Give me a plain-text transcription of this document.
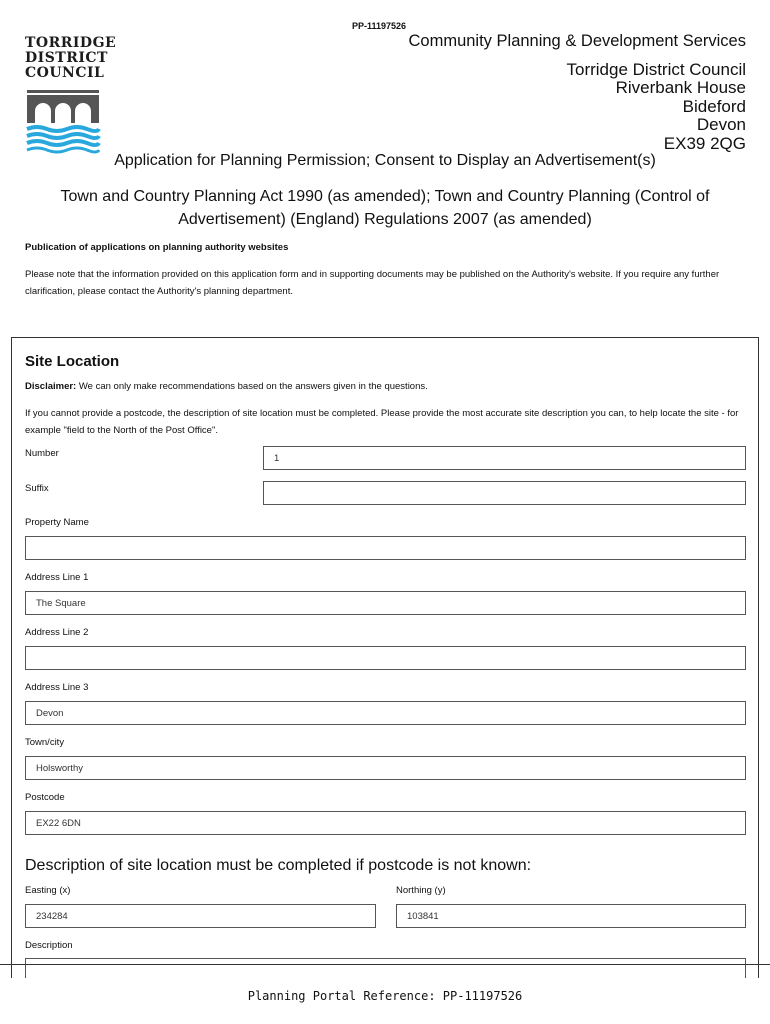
PP-11197526
TORRIDGE
DISTRICT
COUNCIL
Community Planning & Development Services
Torridge District Council
Riverbank House
Bideford
Devon
EX39 2QG
Application for Planning Permission; Consent to Display an Advertisement(s)
Town and Country Planning Act 1990 (as amended); Town and Country Planning (Control of Advertisement) (England) Regulations 2007 (as amended)
Publication of applications on planning authority websites
Please note that the information provided on this application form and in supporting documents may be published on the Authority's website. If you require any further clarification, please contact the Authority's planning department.
Site Location
Disclaimer: We can only make recommendations based on the answers given in the questions.
If you cannot provide a postcode, the description of site location must be completed. Please provide the most accurate site description you can, to help locate the site - for example "field to the North of the Post Office".
Number	1
Suffix
Property Name
Address Line 1
The Square
Address Line 2
Address Line 3
Devon
Town/city
Holsworthy
Postcode
EX22 6DN
Description of site location must be completed if postcode is not known:
Easting (x)
234284
Northing (y)
103841
Description
Planning Portal Reference: PP-11197526
